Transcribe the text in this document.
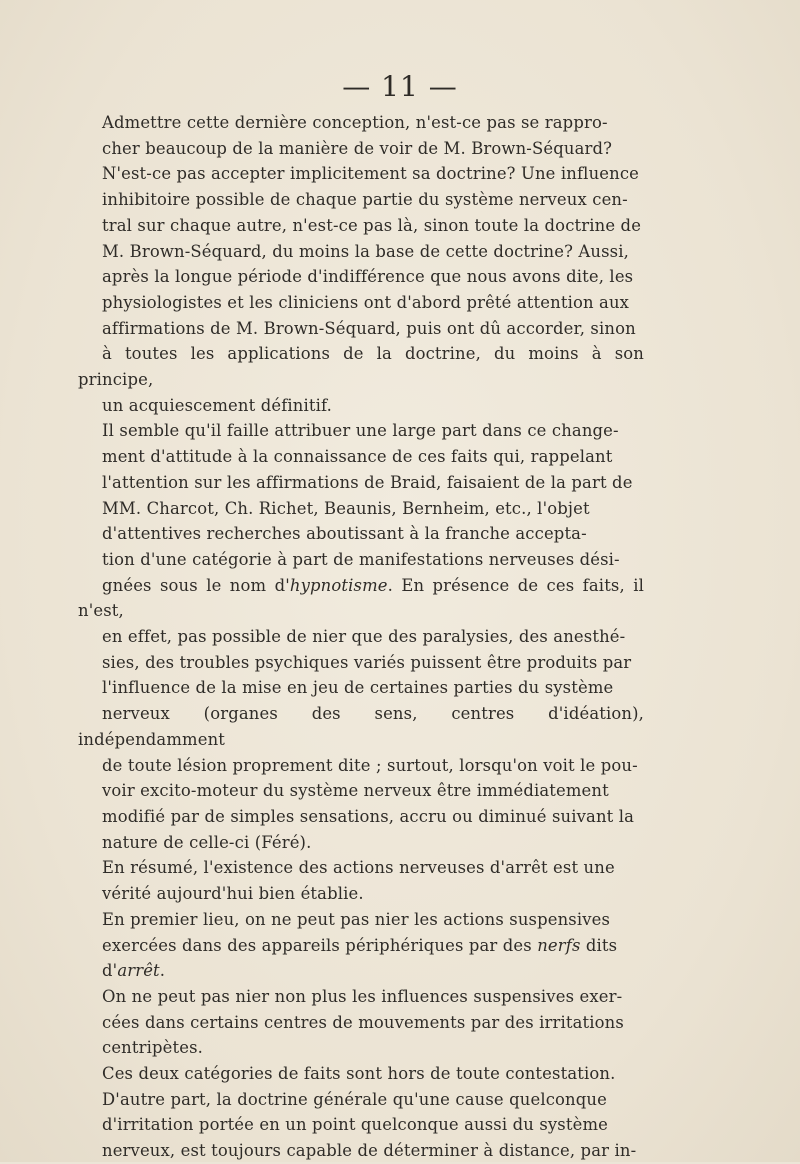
— 11 —

Admettre cette dernière conception, n'est-ce pas se rappro-
cher beaucoup de la manière de voir de M. Brown-Séquard?
N'est-ce pas accepter implicitement sa doctrine? Une influence
inhibitoire possible de chaque partie du système nerveux cen-
tral sur chaque autre, n'est-ce pas là, sinon toute la doctrine de
M. Brown-Séquard, du moins la base de cette doctrine? Aussi,
après la longue période d'indifférence que nous avons dite, les
physiologistes et les cliniciens ont d'abord prêté attention aux
affirmations de M. Brown-Séquard, puis ont dû accorder, sinon
à toutes les applications de la doctrine, du moins à son principe,
un acquiescement définitif.

Il semble qu'il faille attribuer une large part dans ce change-
ment d'attitude à la connaissance de ces faits qui, rappelant
l'attention sur les affirmations de Braid, faisaient de la part de
MM. Charcot, Ch. Richet, Beaunis, Bernheim, etc., l'objet
d'attentives recherches aboutissant à la franche accepta-
tion d'une catégorie à part de manifestations nerveuses dési-
gnées sous le nom d'hypnotisme. En présence de ces faits, il n'est,
en effet, pas possible de nier que des paralysies, des anesthé-
sies, des troubles psychiques variés puissent être produits par
l'influence de la mise en jeu de certaines parties du système
nerveux (organes des sens, centres d'idéation), indépendamment
de toute lésion proprement dite ; surtout, lorsqu'on voit le pou-
voir excito-moteur du système nerveux être immédiatement
modifié par de simples sensations, accru ou diminué suivant la
nature de celle-ci (Féré).

En résumé, l'existence des actions nerveuses d'arrêt est une
vérité aujourd'hui bien établie.

En premier lieu, on ne peut pas nier les actions suspensives
exercées dans des appareils périphériques par des nerfs dits
d'arrêt.

On ne peut pas nier non plus les influences suspensives exer-
cées dans certains centres de mouvements par des irritations
centripètes.

Ces deux catégories de faits sont hors de toute contestation.

D'autre part, la doctrine générale qu'une cause quelconque
d'irritation portée en un point quelconque aussi du système
nerveux, est toujours capable de déterminer à distance, par in-
